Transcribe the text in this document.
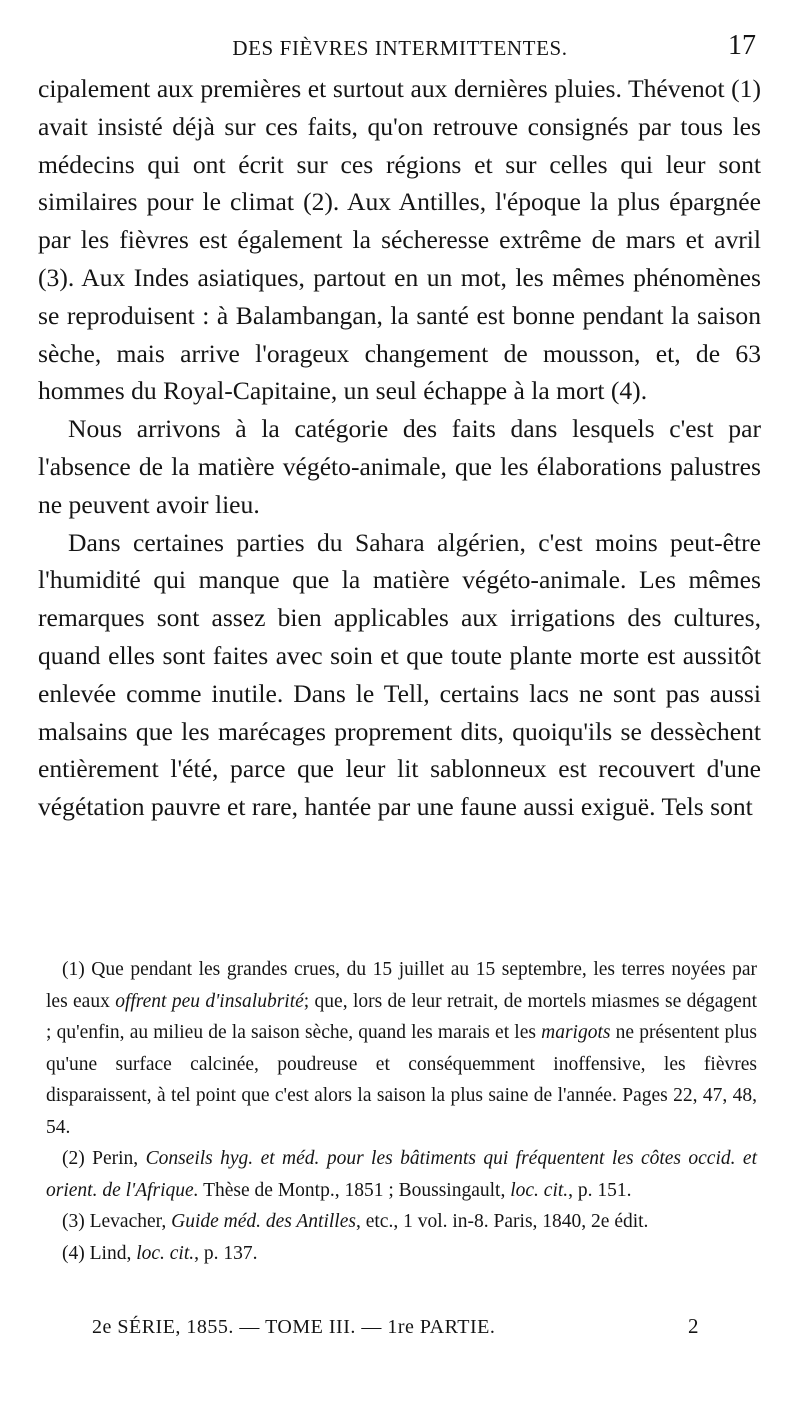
DES FIÈVRES INTERMITTENTES.	17

cipalement aux premières et surtout aux dernières pluies. Thévenot (1) avait insisté déjà sur ces faits, qu'on retrouve consignés par tous les médecins qui ont écrit sur ces régions et sur celles qui leur sont similaires pour le climat (2). Aux Antilles, l'époque la plus épargnée par les fièvres est également la sécheresse extrême de mars et avril (3). Aux Indes asiatiques, partout en un mot, les mêmes phénomènes se reproduisent : à Balambangan, la santé est bonne pendant la saison sèche, mais arrive l'orageux changement de mousson, et, de 63 hommes du Royal-Capitaine, un seul échappe à la mort (4).

Nous arrivons à la catégorie des faits dans lesquels c'est par l'absence de la matière végéto-animale, que les élaborations palustres ne peuvent avoir lieu.

Dans certaines parties du Sahara algérien, c'est moins peut-être l'humidité qui manque que la matière végéto-animale. Les mêmes remarques sont assez bien applicables aux irrigations des cultures, quand elles sont faites avec soin et que toute plante morte est aussitôt enlevée comme inutile. Dans le Tell, certains lacs ne sont pas aussi malsains que les marécages proprement dits, quoiqu'ils se dessèchent entièrement l'été, parce que leur lit sablonneux est recouvert d'une végétation pauvre et rare, hantée par une faune aussi exiguë. Tels sont

(1) Que pendant les grandes crues, du 15 juillet au 15 septembre, les terres noyées par les eaux offrent peu d'insalubrité; que, lors de leur retrait, de mortels miasmes se dégagent ; qu'enfin, au milieu de la saison sèche, quand les marais et les marigots ne présentent plus qu'une surface calcinée, poudreuse et conséquemment inoffensive, les fièvres disparaissent, à tel point que c'est alors la saison la plus saine de l'année. Pages 22, 47, 48, 54.

(2) Perin, Conseils hyg. et méd. pour les bâtiments qui fréquentent les côtes occid. et orient. de l'Afrique. Thèse de Montp., 1851 ; Boussingault, loc. cit., p. 151.

(3) Levacher, Guide méd. des Antilles, etc., 1 vol. in-8. Paris, 1840, 2e édit.

(4) Lind, loc. cit., p. 137.

2e SÉRIE, 1855. — TOME III. — 1re PARTIE.	2
